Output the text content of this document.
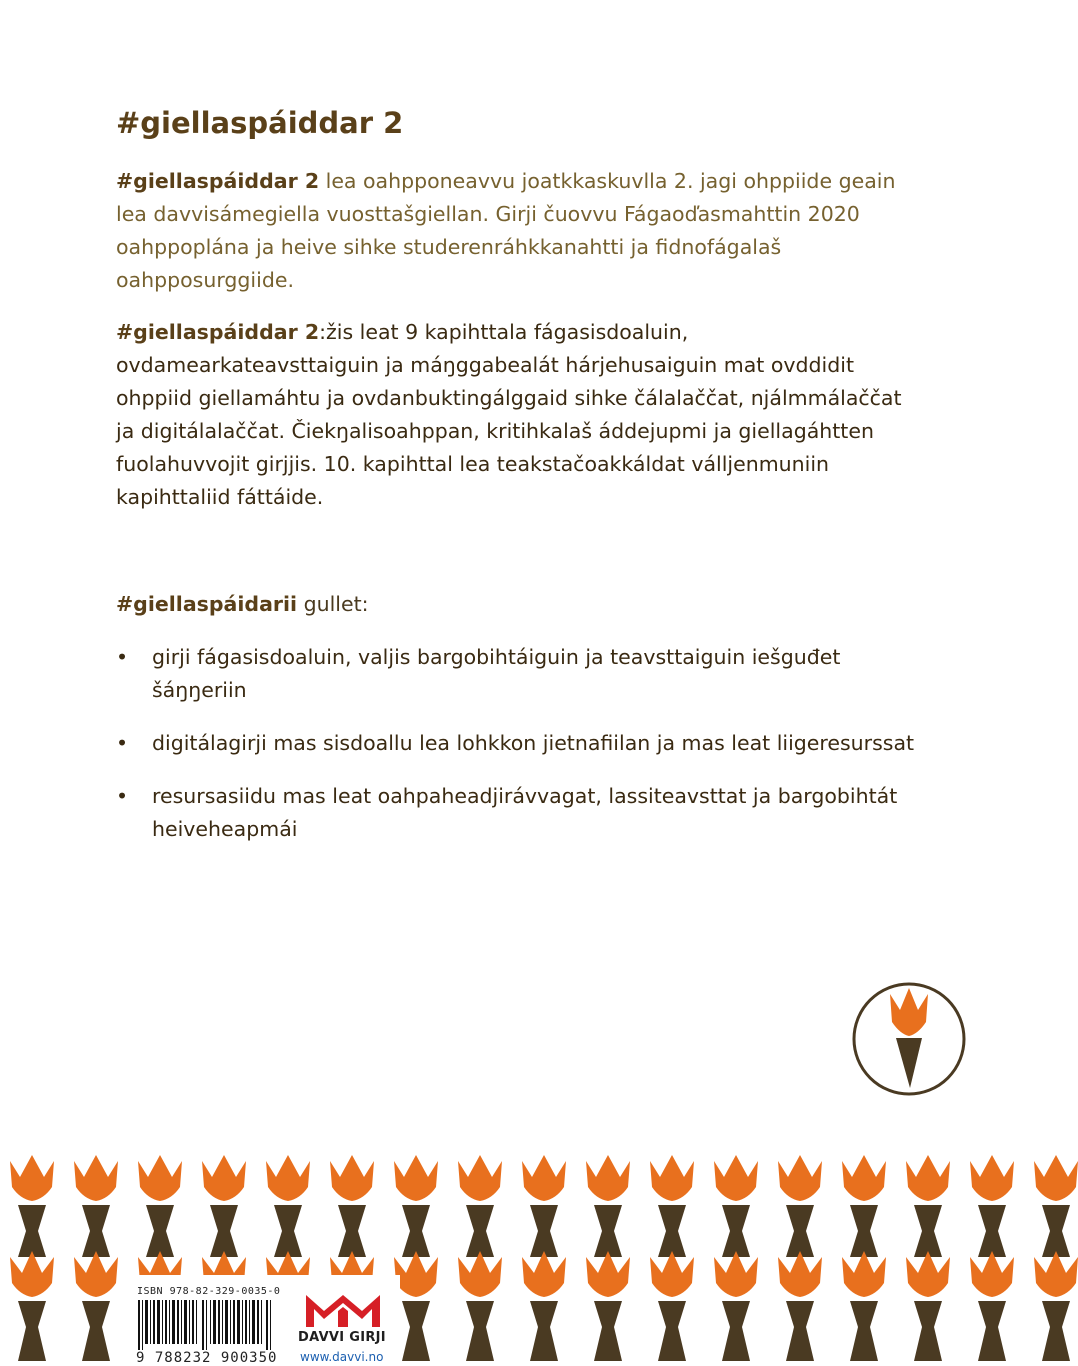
#giellaspáiddar 2

#giellaspáiddar 2 lea oahpponeavvu joatkkaskuvlla 2. jagi ohppiide geain lea davvisámegiella vuosttašgiellan. Girji čuovvu Fágaoďasmahttin 2020 oahppoplána ja heive sihke studerenráhkkanahtti ja fidnofágalaš oahpposurggiide.

#giellaspáiddar 2:žis leat 9 kapihttala fágasisdoaluin, ovdamearkateavsttaiguin ja máŋggabealát hárjehusaiguin mat ovddidit ohppiid giellamáhtu ja ovdanbuktingálggaid sihke čálalaččat, njálmmálaččat ja digitálalaččat. Čiekŋalisoahppan, kritihkalaš áddejupmi ja giellagáhtten fuolahuvvojit girjjis. 10. kapihttal lea teakstačoakkáldat válljenmuniin kapihttaliid fáttáide.

#giellaspáidarii gullet:

• girji fágasisdoaluin, valjis bargobihtáiguin ja teavsttaiguin iešguđet šáŋŋeriin
• digitálagirji mas sisdoallu lea lohkkon jietnafiilan ja mas leat liigeresurssat
• resursasiidu mas leat oahpaheadjirávvagat, lassiteavsttat ja bargobihtát heiveheapmái
ISBN 978-82-329-0035-0
9 788232 900350
DAVVI GIRJI
www.davvi.no
